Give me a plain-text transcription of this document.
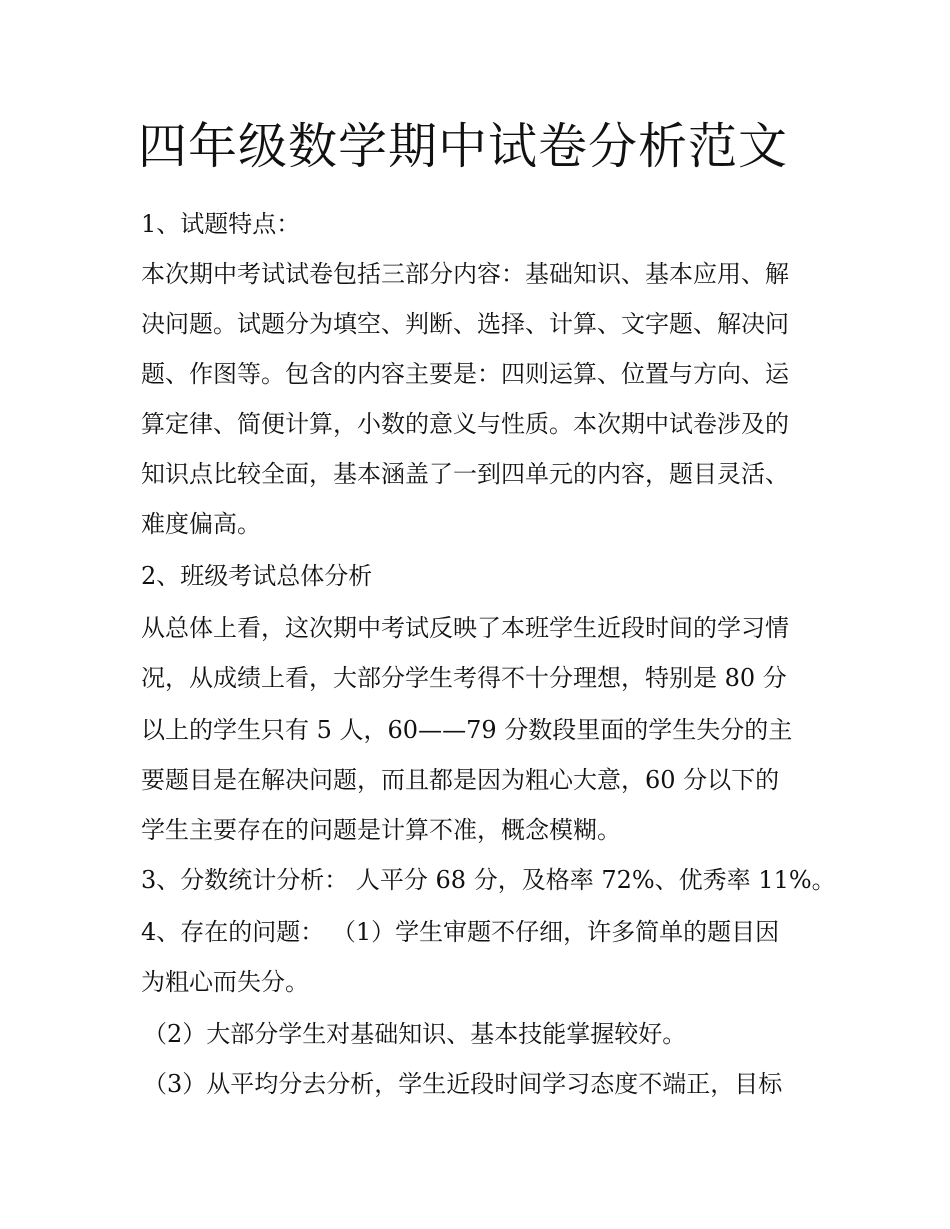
四年级数学期中试卷分析范文

1、试题特点：

本次期中考试试卷包括三部分内容：基础知识、基本应用、解

决问题。试题分为填空、判断、选择、计算、文字题、解决问

题、作图等。包含的内容主要是：四则运算、位置与方向、运

算定律、简便计算，小数的意义与性质。本次期中试卷涉及的

知识点比较全面，基本涵盖了一到四单元的内容，题目灵活、

难度偏高。

2、班级考试总体分析

从总体上看，这次期中考试反映了本班学生近段时间的学习情

况，从成绩上看，大部分学生考得不十分理想，特别是 80 分

以上的学生只有 5 人，60——79 分数段里面的学生失分的主

要题目是在解决问题，而且都是因为粗心大意，60 分以下的

学生主要存在的问题是计算不准，概念模糊。

3、分数统计分析： 人平分 68 分，及格率 72%、优秀率 11%。

4、存在的问题： （1）学生审题不仔细，许多简单的题目因

为粗心而失分。

（2）大部分学生对基础知识、基本技能掌握较好。

（3）从平均分去分析，学生近段时间学习态度不端正，目标
